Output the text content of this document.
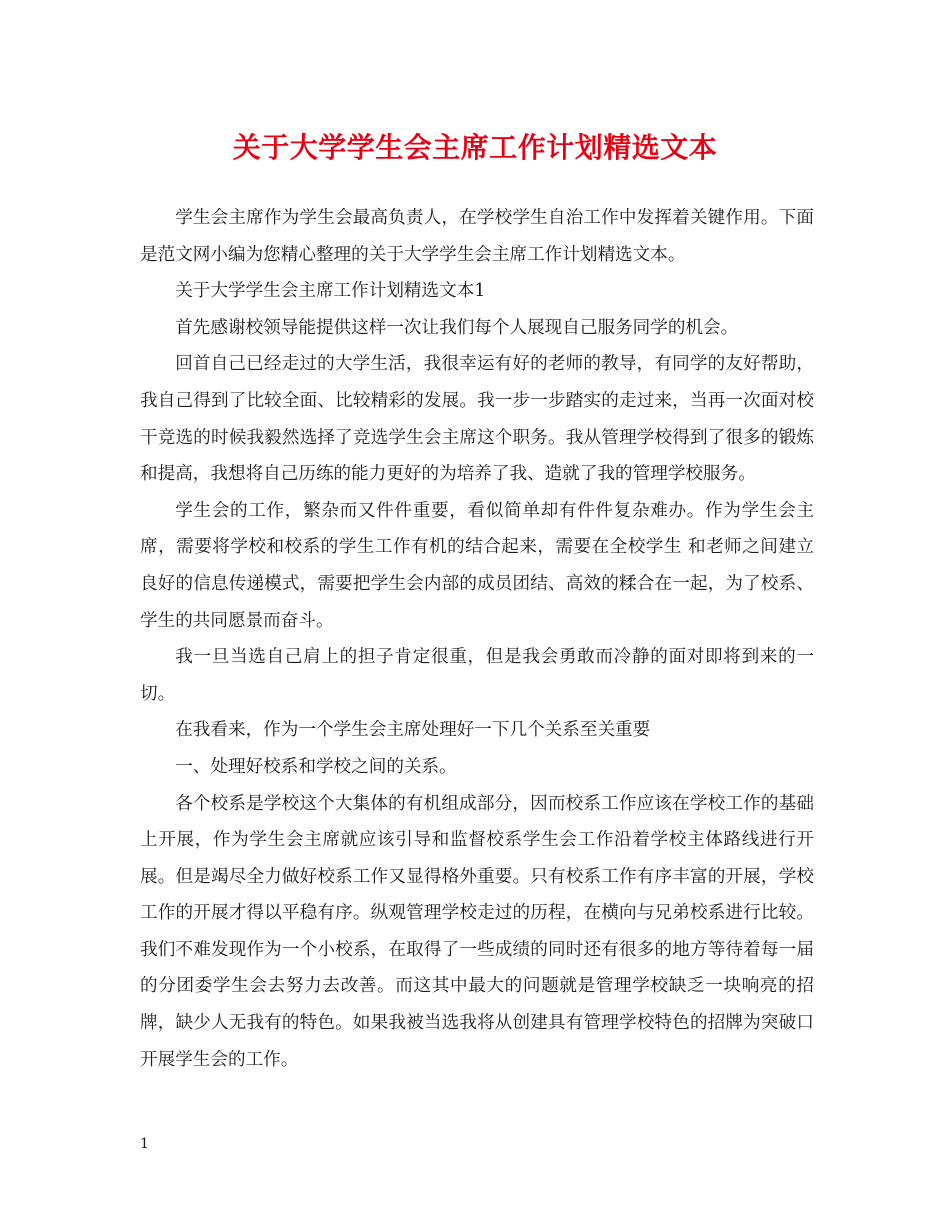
关于大学学生会主席工作计划精选文本

学生会主席作为学生会最高负责人，在学校学生自治工作中发挥着关键作用。下面是范文网小编为您精心整理的关于大学学生会主席工作计划精选文本。

关于大学学生会主席工作计划精选文本1

首先感谢校领导能提供这样一次让我们每个人展现自己服务同学的机会。

回首自己已经走过的大学生活，我很幸运有好的老师的教导，有同学的友好帮助，我自己得到了比较全面、比较精彩的发展。我一步一步踏实的走过来，当再一次面对校干竞选的时候我毅然选择了竞选学生会主席这个职务。我从管理学校得到了很多的锻炼和提高，我想将自己历练的能力更好的为培养了我、造就了我的管理学校服务。

学生会的工作，繁杂而又件件重要，看似简单却有件件复杂难办。作为学生会主席，需要将学校和校系的学生工作有机的结合起来，需要在全校学生 和老师之间建立良好的信息传递模式，需要把学生会内部的成员团结、高效的糅合在一起，为了校系、学生的共同愿景而奋斗。

我一旦当选自己肩上的担子肯定很重，但是我会勇敢而冷静的面对即将到来的一切。

在我看来，作为一个学生会主席处理好一下几个关系至关重要

一、处理好校系和学校之间的关系。

各个校系是学校这个大集体的有机组成部分，因而校系工作应该在学校工作的基础上开展，作为学生会主席就应该引导和监督校系学生会工作沿着学校主体路线进行开展。但是竭尽全力做好校系工作又显得格外重要。只有校系工作有序丰富的开展，学校工作的开展才得以平稳有序。纵观管理学校走过的历程，在横向与兄弟校系进行比较。我们不难发现作为一个小校系，在取得了一些成绩的同时还有很多的地方等待着每一届的分团委学生会去努力去改善。而这其中最大的问题就是管理学校缺乏一块响亮的招牌，缺少人无我有的特色。如果我被当选我将从创建具有管理学校特色的招牌为突破口开展学生会的工作。

1
